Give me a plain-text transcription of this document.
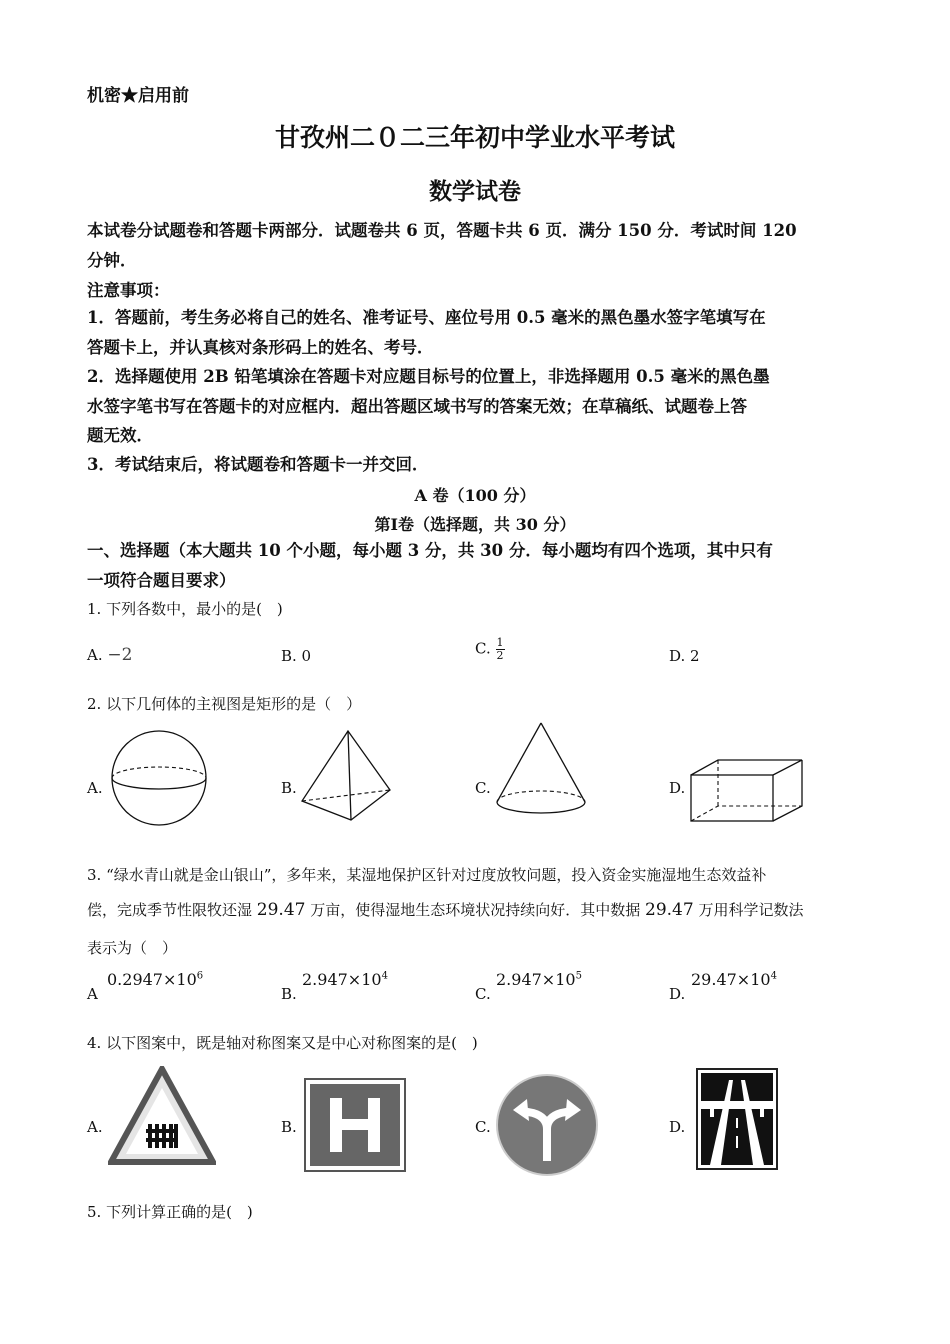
机密★启用前
甘孜州二０二三年初中学业水平考试
数学试卷
本试卷分试题卷和答题卡两部分．试题卷共 6 页，答题卡共 6 页．满分 150 分．考试时间 120
分钟．
注意事项：
1．答题前，考生务必将自己的姓名、准考证号、座位号用 0.5 毫米的黑色墨水签字笔填写在
答题卡上，并认真核对条形码上的姓名、考号．
2．选择题使用 2B 铅笔填涂在答题卡对应题目标号的位置上，非选择题用 0.5 毫米的黑色墨
水签字笔书写在答题卡的对应框内．超出答题区域书写的答案无效；在草稿纸、试题卷上答
题无效．
3．考试结束后，将试题卷和答题卡一并交回．
A 卷（100 分）
第Ⅰ卷（选择题，共 30 分）
一、选择题（本大题共 10 个小题，每小题 3 分，共 30 分．每小题均有四个选项，其中只有
一项符合题目要求）
1. 下列各数中，最小的是(　)
A. −2	B. 0	C. $\frac{1}{2}$	D. 2
2. 以下几何体的主视图是矩形的是（　）
A.	B.	C.	D.
3. “绿水青山就是金山银山”，多年来，某湿地保护区针对过度放牧问题，投入资金实施湿地生态效益补
偿，完成季节性限牧还湿 29.47 万亩，使得湿地生态环境状况持续向好．其中数据 29.47 万用科学记数法
表示为（　）
A
$0.2947\times 10^6$
B.
$2.947\times 10^4$
C.
$2.947\times 10^5$
D.
$29.47\times 10^4$
4. 以下图案中，既是轴对称图案又是中心对称图案的是(　)
A.	B.	C.	D.
5. 下列计算正确的是(　)
